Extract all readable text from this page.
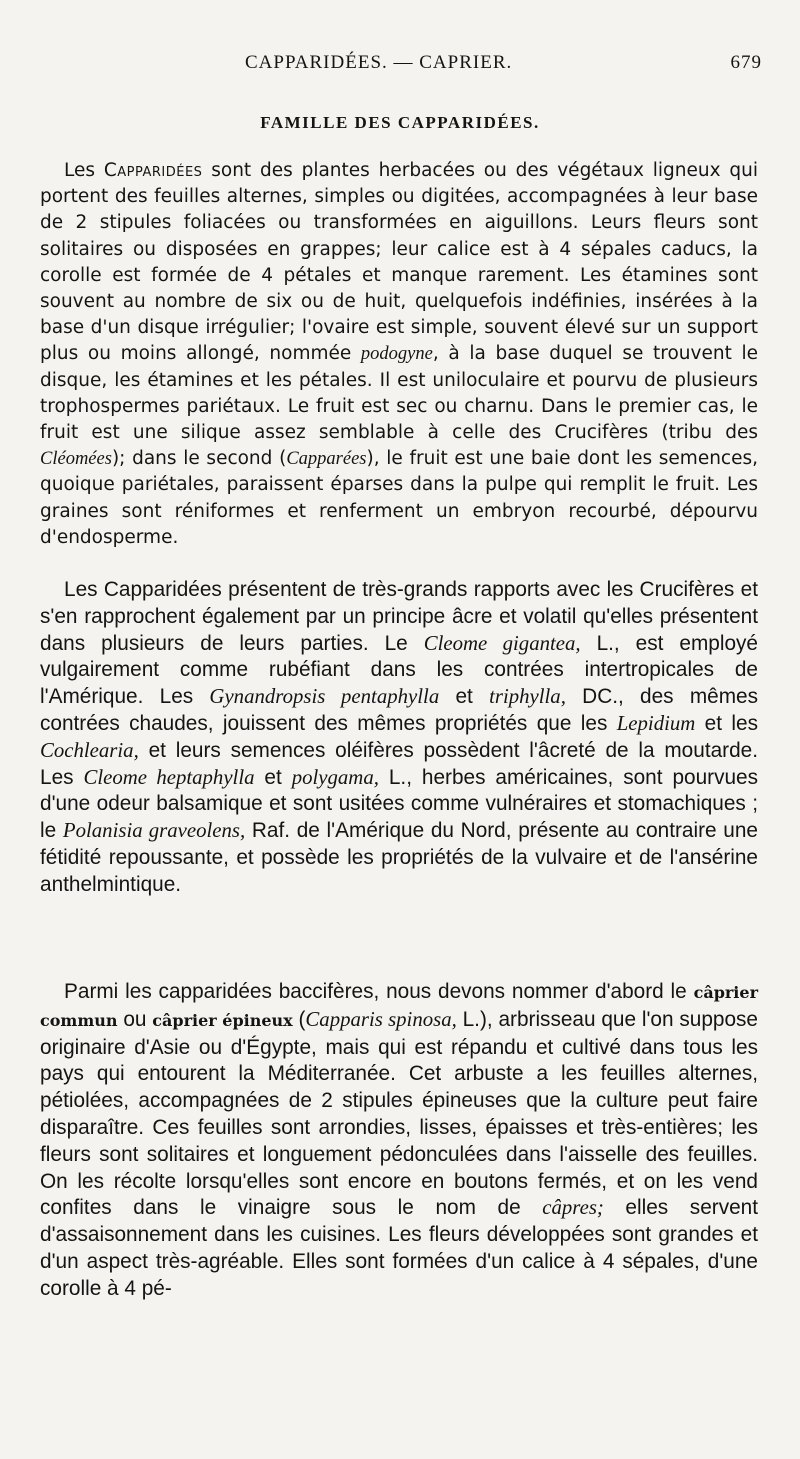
CAPPARIDÉES. — CAPRIER.	679
FAMILLE DES CAPPARIDÉES.

Les Capparidées sont des plantes herbacées ou des végétaux ligneux qui portent des feuilles alternes, simples ou digitées, accompagnées à leur base de 2 stipules foliacées ou transformées en aiguillons. Leurs fleurs sont solitaires ou disposées en grappes; leur calice est à 4 sépales caducs, la corolle est formée de 4 pétales et manque rarement. Les étamines sont souvent au nombre de six ou de huit, quelquefois indéfinies, insérées à la base d'un disque irrégulier; l'ovaire est simple, souvent élevé sur un support plus ou moins allongé, nommée podogyne, à la base duquel se trouvent le disque, les étamines et les pétales. Il est uniloculaire et pourvu de plusieurs trophospermes pariétaux. Le fruit est sec ou charnu. Dans le premier cas, le fruit est une silique assez semblable à celle des Crucifères (tribu des Cléomées); dans le second (Capparées), le fruit est une baie dont les semences, quoique pariétales, paraissent éparses dans la pulpe qui remplit le fruit. Les graines sont réniformes et renferment un embryon recourbé, dépourvu d'endosperme.

Les Capparidées présentent de très-grands rapports avec les Crucifères et s'en rapprochent également par un principe âcre et volatil qu'elles présentent dans plusieurs de leurs parties. Le Cleome gigantea, L., est employé vulgairement comme rubéfiant dans les contrées intertropicales de l'Amérique. Les Gynandropsis pentaphylla et triphylla, DC., des mêmes contrées chaudes, jouissent des mêmes propriétés que les Lepidium et les Cochlearia, et leurs semences oléifères possèdent l'âcreté de la moutarde. Les Cleome heptaphylla et polygama, L., herbes américaines, sont pourvues d'une odeur balsamique et sont usitées comme vulnéraires et stomachiques ; le Polanisia graveolens, Raf. de l'Amérique du Nord, présente au contraire une fétidité repoussante, et possède les propriétés de la vulvaire et de l'ansérine anthelmintique.

Parmi les capparidées baccifères, nous devons nommer d'abord le câprier commun ou câprier épineux (Capparis spinosa, L.), arbrisseau que l'on suppose originaire d'Asie ou d'Égypte, mais qui est répandu et cultivé dans tous les pays qui entourent la Méditerranée. Cet arbuste a les feuilles alternes, pétiolées, accompagnées de 2 stipules épineuses que la culture peut faire disparaître. Ces feuilles sont arrondies, lisses, épaisses et très-entières; les fleurs sont solitaires et longuement pédonculées dans l'aisselle des feuilles. On les récolte lorsqu'elles sont encore en boutons fermés, et on les vend confites dans le vinaigre sous le nom de câpres; elles servent d'assaisonnement dans les cuisines. Les fleurs développées sont grandes et d'un aspect très-agréable. Elles sont formées d'un calice à 4 sépales, d'une corolle à 4 pé-
